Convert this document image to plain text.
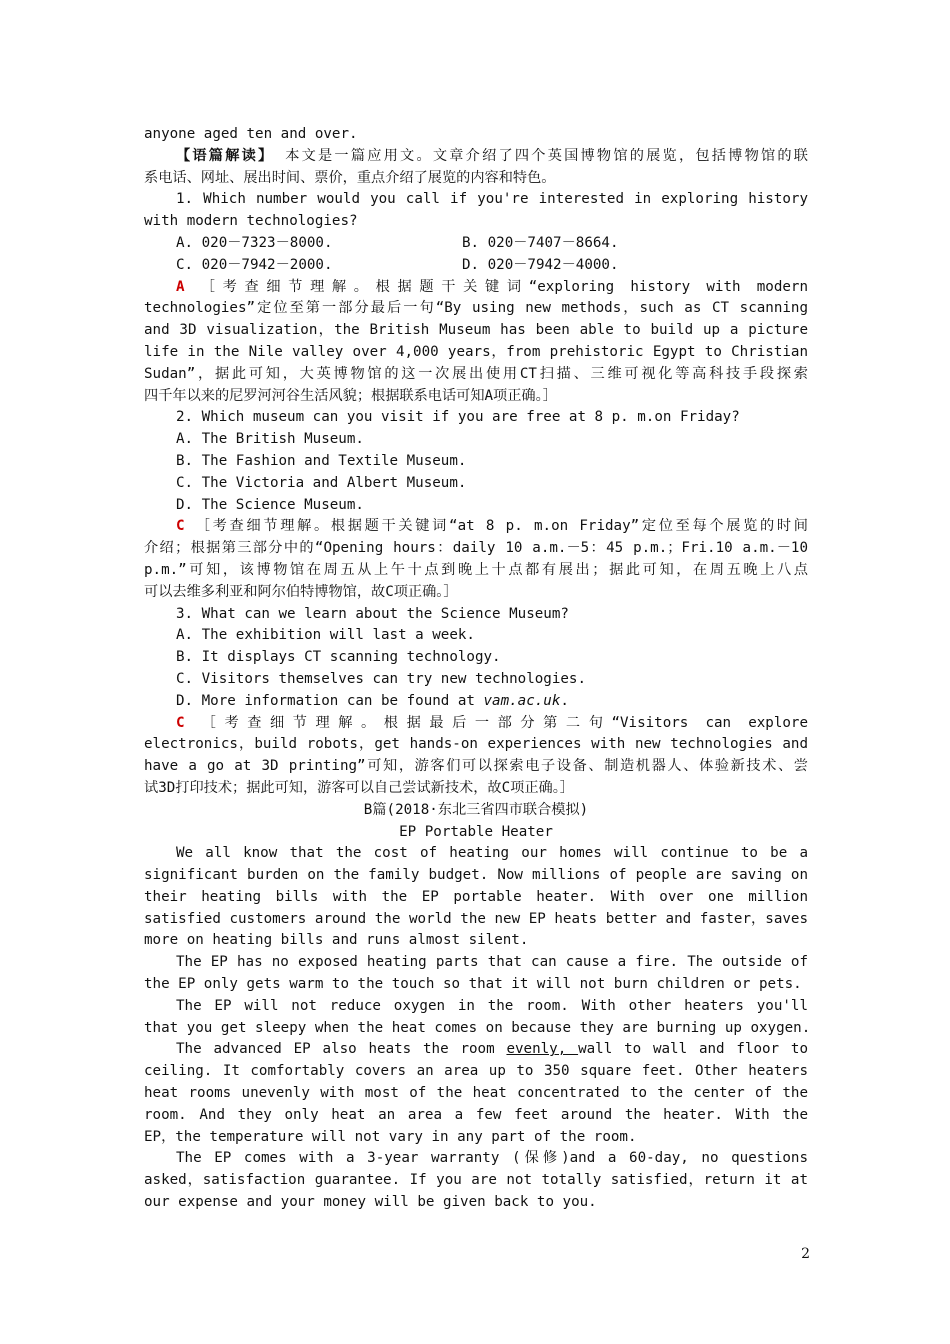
anyone aged ten and over.
【语篇解读】 本文是一篇应用文。文章介绍了四个英国博物馆的展览，包括博物馆的联
系电话、网址、展出时间、票价，重点介绍了展览的内容和特色。
1. Which number would you call if you're interested in exploring history
with modern technologies?
A. 020－7323－8000.	B. 020－7407－8664.
C. 020－7942－2000.	D. 020－7942－4000.
A ［考查细节理解。根据题干关键词“exploring history with modern
technologies”定位至第一部分最后一句“By using new methods，such as CT scanning
and 3D visualization，the British Museum has been able to build up a picture
life in the Nile valley over 4,000 years，from prehistoric Egypt to Christian
Sudan”，据此可知，大英博物馆的这一次展出使用CT扫描、三维可视化等高科技手段探索
四千年以来的尼罗河河谷生活风貌；根据联系电话可知A项正确。］
2. Which museum can you visit if you are free at 8 p. m.on Friday?
A. The British Museum.
B. The Fashion and Textile Museum.
C. The Victoria and Albert Museum.
D. The Science Museum.
C ［考查细节理解。根据题干关键词“at 8 p. m.on Friday”定位至每个展览的时间
介绍；根据第三部分中的“Opening hours：daily 10 a.m.－5：45 p.m.；Fri.10 a.m.－10
p.m.”可知，该博物馆在周五从上午十点到晚上十点都有展出；据此可知，在周五晚上八点
可以去维多利亚和阿尔伯特博物馆，故C项正确。］
3. What can we learn about the Science Museum?
A. The exhibition will last a week.
B. It displays CT scanning technology.
C. Visitors themselves can try new technologies.
D. More information can be found at vam.ac.uk.
C ［考查细节理解。根据最后一部分第二句“Visitors can explore
electronics，build robots，get hands-on experiences with new technologies and
have a go at 3D printing”可知，游客们可以探索电子设备、制造机器人、体验新技术、尝
试3D打印技术；据此可知，游客可以自己尝试新技术，故C项正确。］
B篇(2018·东北三省四市联合模拟)
EP Portable Heater
We all know that the cost of heating our homes will continue to be a
significant burden on the family budget. Now millions of people are saving on
their heating bills with the EP portable heater. With over one million
satisfied customers around the world the new EP heats better and faster，saves
more on heating bills and runs almost silent.
The EP has no exposed heating parts that can cause a fire. The outside of
the EP only gets warm to the touch so that it will not burn children or pets.
The EP will not reduce oxygen in the room. With other heaters you'll
that you get sleepy when the heat comes on because they are burning up oxygen.
The advanced EP also heats the room evenly, wall to wall and floor to
ceiling. It comfortably covers an area up to 350 square feet. Other heaters
heat rooms unevenly with most of the heat concentrated to the center of the
room. And they only heat an area a few feet around the heater. With the
EP，the temperature will not vary in any part of the room.
The EP comes with a 3-year warranty (保修)and a 60-day, no questions
asked，satisfaction guarantee. If you are not totally satisfied，return it at
our expense and your money will be given back to you.
2
